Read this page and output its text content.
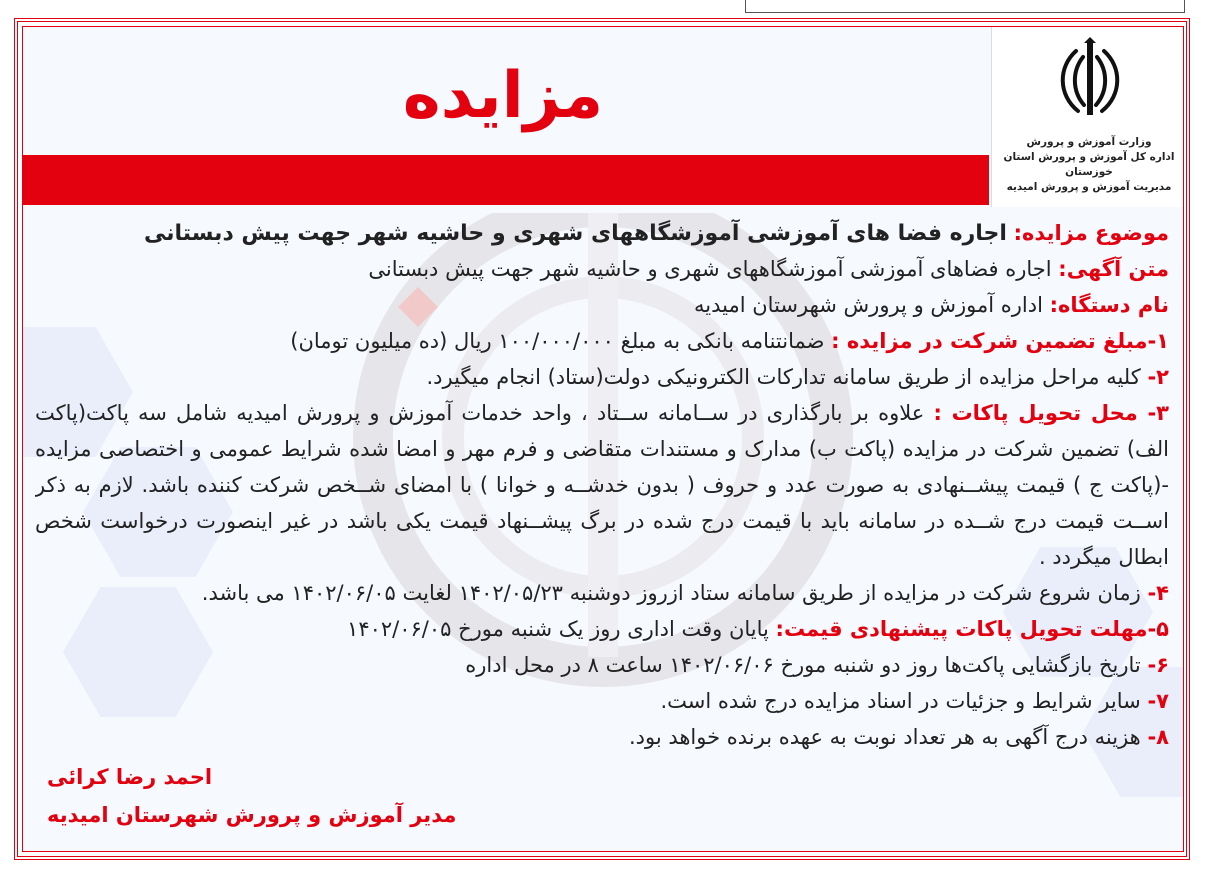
مزایده
وزارت آموزش و پرورش
اداره کل آموزش و پرورش استان
خوزستان
مدیریت آموزش و پرورش امیدیه
موضوع مزایده: اجاره فضا های آموزشی آموزشگاههای شهری و حاشیه شهر جهت پیش دبستانی
متن آگهی: اجاره فضاهای آموزشی آموزشگاههای شهری و حاشیه شهر جهت پیش دبستانی
نام دستگاه: اداره آموزش و پرورش شهرستان امیدیه
۱-مبلغ تضمین شرکت در مزایده : ضمانتنامه بانکی به مبلغ ۱۰۰/۰۰۰/۰۰۰ ریال (ده میلیون تومان)
۲- کلیه مراحل مزایده از طریق سامانه تدارکات الکترونیکی دولت(ستاد) انجام میگیرد.
۳- محل تحویل پاکات : علاوه بر بارگذاری در ســامانه ســتاد ، واحد خدمات آموزش و پرورش امیدیه شامل سه پاکت(پاکت
الف) تضمین شرکت در مزایده (پاکت ب) مدارک و مستندات متقاضی و فرم مهر و امضا شده شرایط عمومی و اختصاصی مزایده
-(پاکت ج ) قیمت پیشــنهادی به صورت عدد و حروف ( بدون خدشــه و خوانا ) با امضای شــخص شرکت کننده باشد. لازم به ذکر
اســت قیمت درج شــده در سامانه باید با قیمت درج شده در برگ پیشــنهاد قیمت یکی باشد در غیر اینصورت درخواست شخص
ابطال میگردد .
۴- زمان شروع شرکت در مزایده از طریق سامانه ستاد ازروز دوشنبه ۱۴۰۲/۰۵/۲۳ لغایت ۱۴۰۲/۰۶/۰۵ می باشد.
۵-مهلت تحویل پاکات پیشنهادی قیمت: پایان وقت اداری روز یک شنبه مورخ ۱۴۰۲/۰۶/۰۵
۶- تاریخ بازگشایی پاکت‌ها روز دو شنبه مورخ ۱۴۰۲/۰۶/۰۶ ساعت ۸ در محل اداره
۷- سایر شرایط و جزئیات در اسناد مزایده درج شده است.
۸- هزینه درج آگهی به هر تعداد نوبت به عهده برنده خواهد بود.
احمد رضا کرائی
مدیر آموزش و پرورش شهرستان امیدیه
